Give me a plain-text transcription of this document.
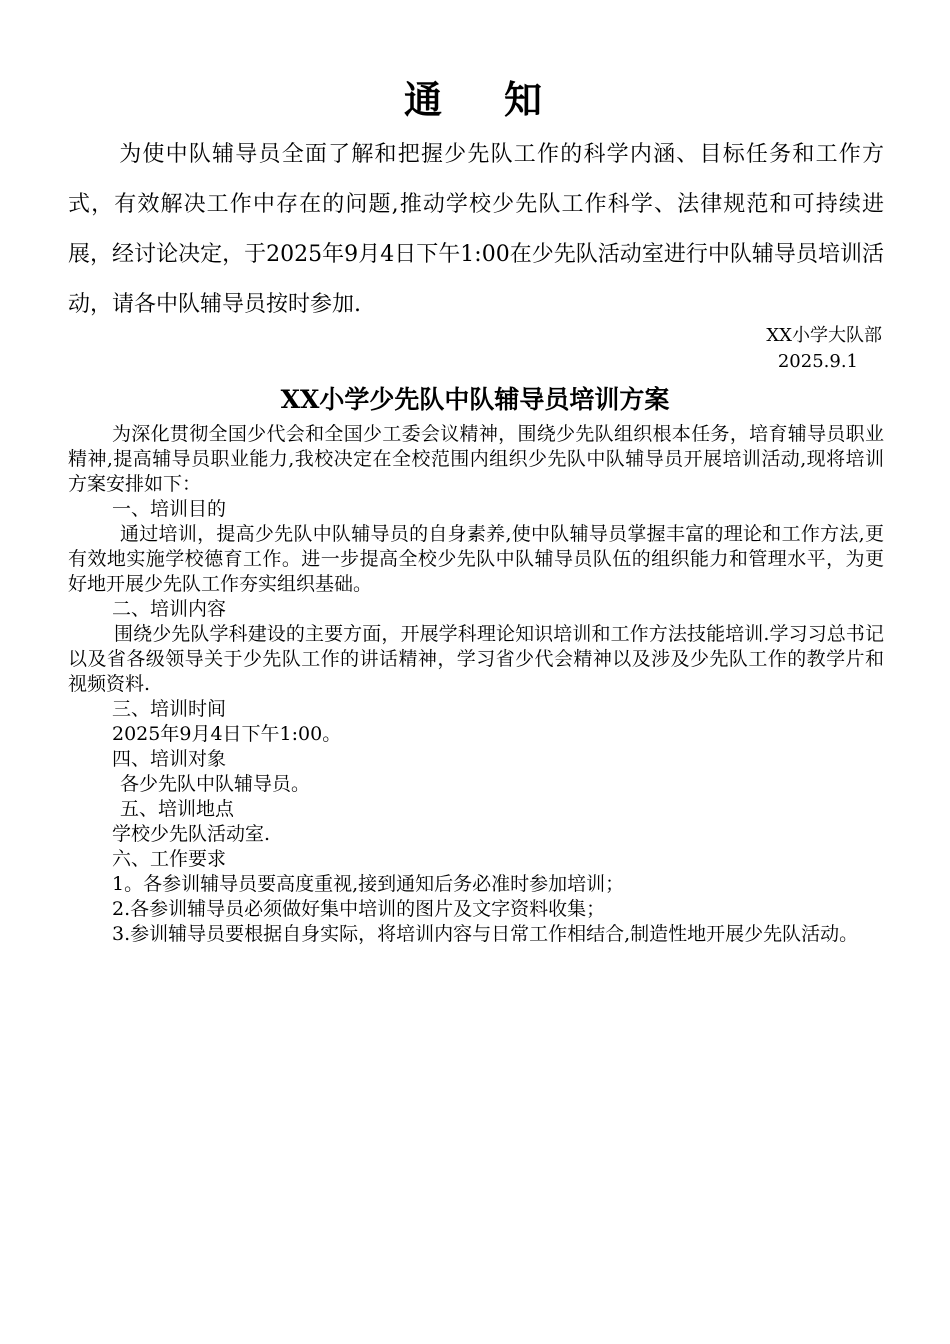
通 知

为使中队辅导员全面了解和把握少先队工作的科学内涵、目标任务和工作方式，有效解决工作中存在的问题,推动学校少先队工作科学、法律规范和可持续进展，经讨论决定，于2025年9月4日下午1:00在少先队活动室进行中队辅导员培训活动，请各中队辅导员按时参加.

XX小学大队部
2025.9.1
XX小学少先队中队辅导员培训方案

为深化贯彻全国少代会和全国少工委会议精神，围绕少先队组织根本任务，培育辅导员职业精神,提高辅导员职业能力,我校决定在全校范围内组织少先队中队辅导员开展培训活动,现将培训方案安排如下：

一、培训目的

通过培训，提高少先队中队辅导员的自身素养,使中队辅导员掌握丰富的理论和工作方法,更有效地实施学校德育工作。进一步提高全校少先队中队辅导员队伍的组织能力和管理水平，为更好地开展少先队工作夯实组织基础。

二、培训内容

围绕少先队学科建设的主要方面，开展学科理论知识培训和工作方法技能培训.学习习总书记以及省各级领导关于少先队工作的讲话精神，学习省少代会精神以及涉及少先队工作的教学片和视频资料.

三、培训时间
2025年9月4日下午1:00。
四、培训对象
各少先队中队辅导员。
五、培训地点
学校少先队活动室.
六、工作要求
1。各参训辅导员要高度重视,接到通知后务必准时参加培训；
2.各参训辅导员必须做好集中培训的图片及文字资料收集；

3.参训辅导员要根据自身实际，将培训内容与日常工作相结合,制造性地开展少先队活动。
